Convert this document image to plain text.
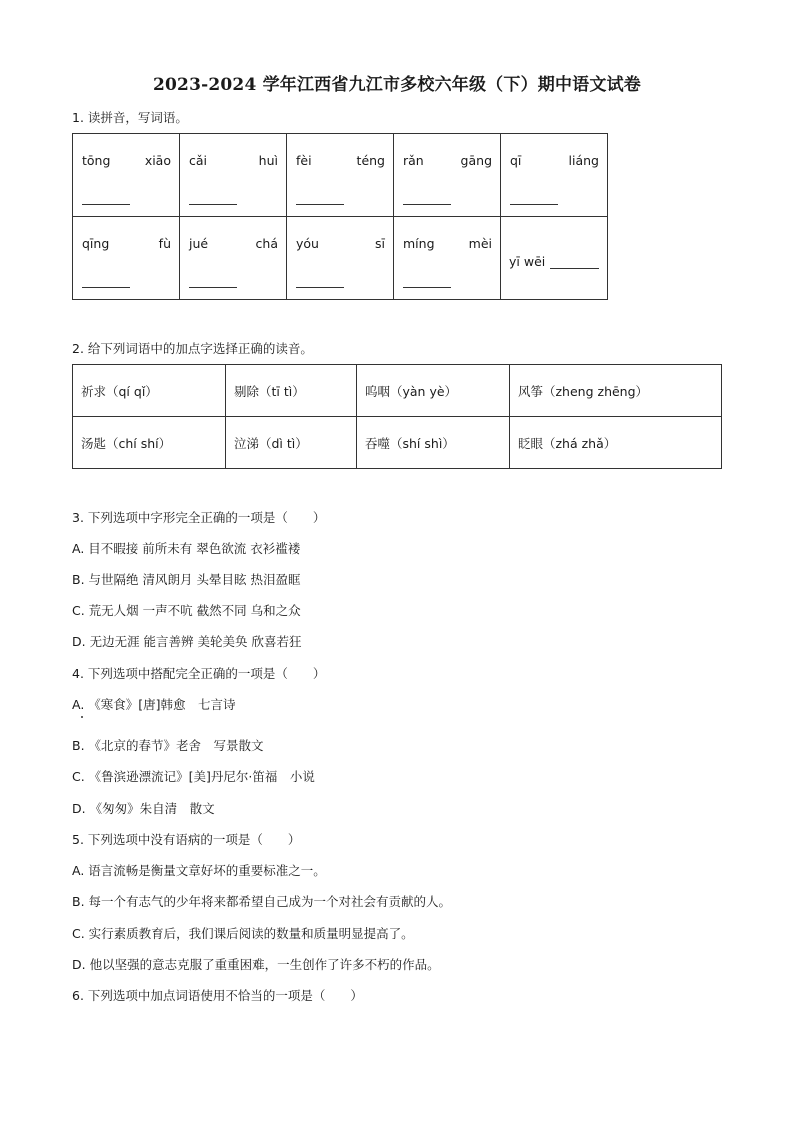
2023-2024 学年江西省九江市多校六年级（下）期中语文试卷
1. 读拼音，写词语。
tōng xiāo	cǎi huì	fèi téng	rǎn gāng	qī liáng

qīng fù	jué chá	yóu sī	míng mèi	yī wēi
2. 给下列词语中的加点字选择正确的读音。
祈求（qí qǐ）	剔除（tī tì）	呜咽（yàn yè）	风筝（zheng zhēng）
汤匙（chí shí）	泣涕（dì tì）	吞噬（shí shì）	眨眼（zhá zhǎ）
3. 下列选项中字形完全正确的一项是（　　）
A. 目不暇接 前所未有 翠色欲流 衣衫褴褛
B. 与世隔绝 清风朗月 头晕目眩 热泪盈眶
C. 荒无人烟 一声不吭 截然不同 乌和之众
D. 无边无涯 能言善辨 美轮美奂 欣喜若狂
4. 下列选项中搭配完全正确的一项是（　　）
A. 《寒食》[唐]韩愈　七言诗
B. 《北京的春节》老舍　写景散文
C. 《鲁滨逊漂流记》[美]丹尼尔·笛福　小说
D. 《匆匆》朱自清　散文
5. 下列选项中没有语病的一项是（　　）
A. 语言流畅是衡量文章好坏的重要标准之一。
B. 每一个有志气的少年将来都希望自己成为一个对社会有贡献的人。
C. 实行素质教育后，我们课后阅读的数量和质量明显提高了。
D. 他以坚强的意志克服了重重困难，一生创作了许多不朽的作品。
6. 下列选项中加点词语使用不恰当的一项是（　　）
